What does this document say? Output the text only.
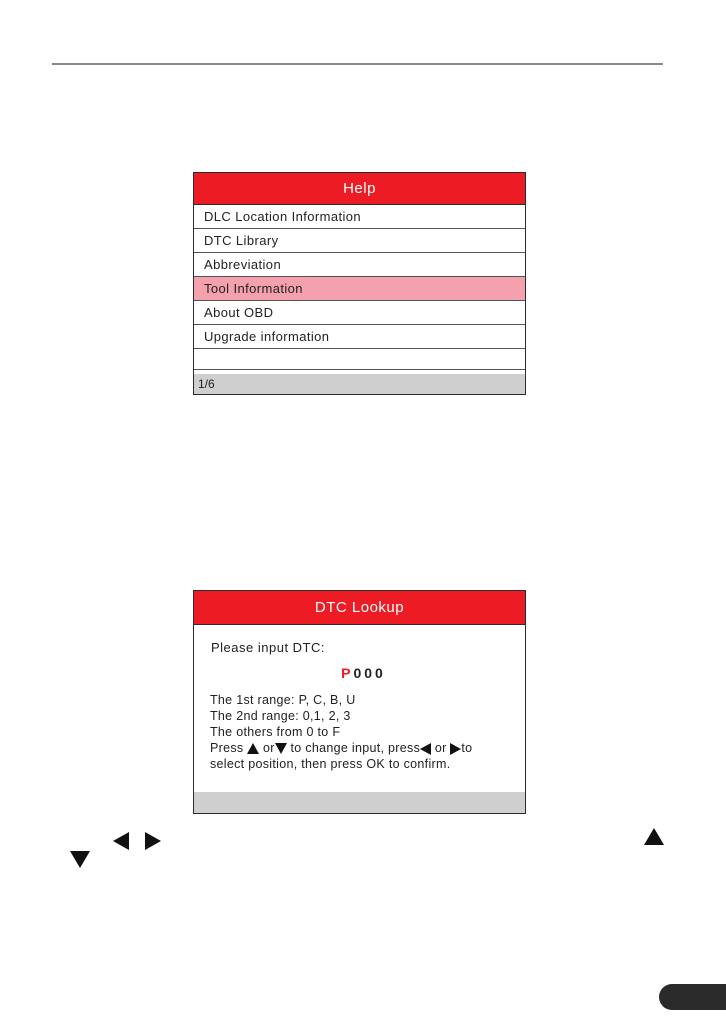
Help
DLC Location Information
DTC Library
Abbreviation
Tool Information
About OBD
Upgrade information
1/6
DTC Lookup
Please input DTC:
P000
The 1st range: P, C, B, U
The 2nd range: 0,1, 2, 3
The others from 0 to F
Press or to change input, press or to
select position, then press OK to confirm.
